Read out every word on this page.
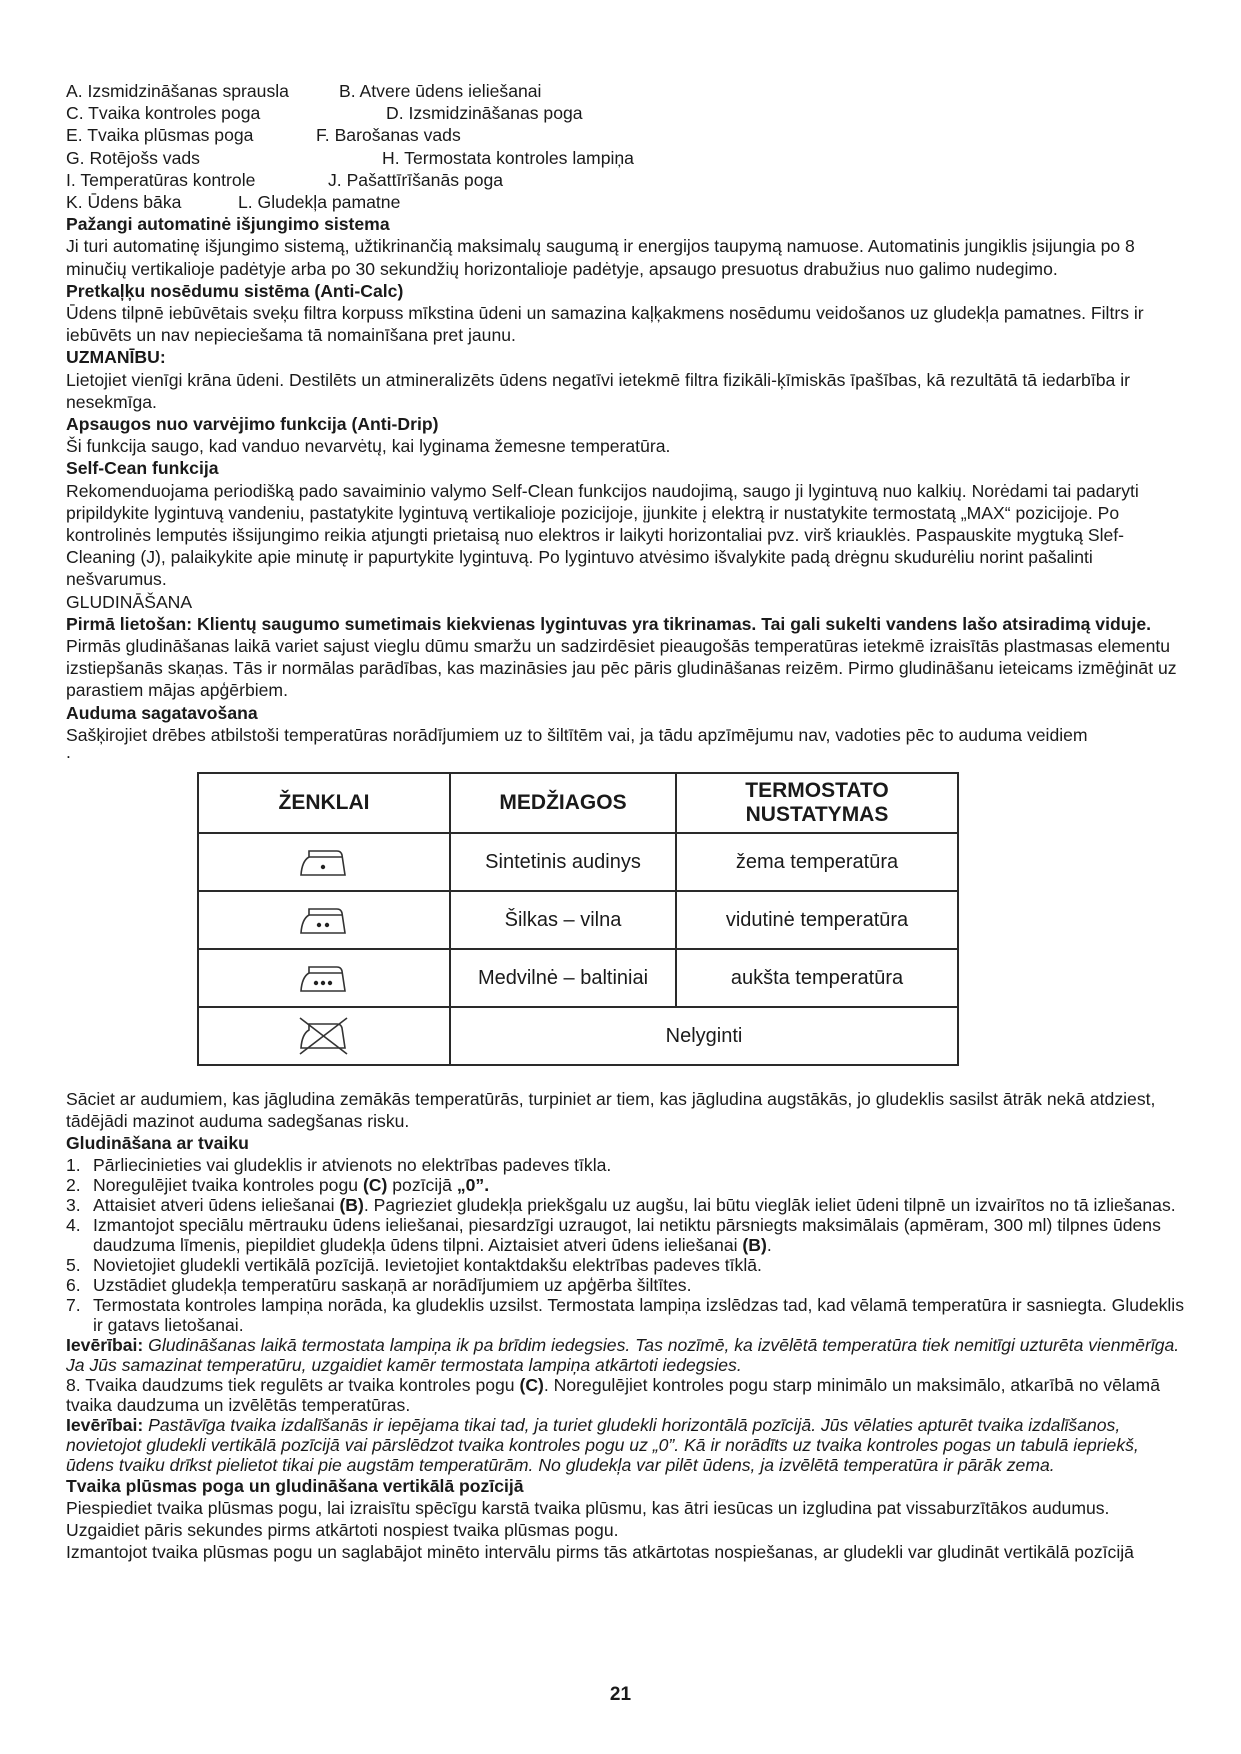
A. Izsmidzināšanas sprausla	B. Atvere ūdens ieliešanai
C. Tvaika kontroles poga	D. Izsmidzināšanas poga
E. Tvaika plūsmas poga	F. Barošanas vads
G. Rotējošs vads	H. Termostata kontroles lampiņa
I. Temperatūras kontrole	J. Pašattīrīšanās poga
K. Ūdens bāka	L. Gludekļa pamatne
Pažangi automatinė išjungimo sistema

Ji turi automatinę išjungimo sistemą, užtikrinančią maksimalų saugumą ir energijos taupymą namuose. Automatinis jungiklis įsijungia po 8 minučių vertikalioje padėtyje arba po 30 sekundžių horizontalioje padėtyje, apsaugo presuotus drabužius nuo galimo nudegimo.

Pretkaļķu nosēdumu sistēma (Anti-Calc)

Ūdens tilpnē iebūvētais sveķu filtra korpuss mīkstina ūdeni un samazina kaļķakmens nosēdumu veidošanos uz gludekļa pamatnes. Filtrs ir iebūvēts un nav nepieciešama tā nomainīšana pret jaunu.

UZMANĪBU:

Lietojiet vienīgi krāna ūdeni. Destilēts un atmineralizēts ūdens negatīvi ietekmē filtra fizikāli-ķīmiskās īpašības, kā rezultātā tā iedarbība ir nesekmīga.

Apsaugos nuo varvėjimo funkcija (Anti-Drip)

Ši funkcija saugo, kad vanduo nevarvėtų, kai lyginama žemesne temperatūra.

Self-Cean funkcija

Rekomenduojama periodišką pado savaiminio valymo Self-Clean funkcijos naudojimą, saugo ji lygintuvą nuo kalkių. Norėdami tai padaryti pripildykite lygintuvą vandeniu, pastatykite lygintuvą vertikalioje pozicijoje, įjunkite į elektrą ir nustatykite termostatą „MAX“ pozicijoje. Po kontrolinės lemputės išsijungimo reikia atjungti prietaisą nuo elektros ir laikyti horizontaliai pvz. virš kriauklės. Paspauskite mygtuką Slef-Cleaning (J), palaikykite apie minutę ir papurtykite lygintuvą. Po lygintuvo atvėsimo išvalykite padą drėgnu skudurėliu norint pašalinti nešvarumus.

GLUDINĀŠANA

Pirmā lietošan: Klientų saugumo sumetimais kiekvienas lygintuvas yra tikrinamas. Tai gali sukelti vandens lašo atsiradimą viduje.

Pirmās gludināšanas laikā variet sajust vieglu dūmu smaržu un sadzirdēsiet pieaugošās temperatūras ietekmē izraisītās plastmasas elementu izstiepšanās skaņas. Tās ir normālas parādības, kas mazināsies jau pēc pāris gludināšanas reizēm. Pirmo gludināšanu ieteicams izmēģināt uz parastiem mājas apģērbiem.

Auduma sagatavošana

Sašķirojiet drēbes atbilstoši temperatūras norādījumiem uz to šiltītēm vai, ja tādu apzīmējumu nav, vadoties pēc to auduma veidiem

.

ŽENKLAI	MEDŽIAGOS	TERMOSTATO NUSTATYMAS

	Sintetinis audinys	žema temperatūra

	Šilkas – vilna	vidutinė temperatūra

	Medvilnė – baltiniai	aukšta temperatūra

	Nelyginti	

Sāciet ar audumiem, kas jāgludina zemākās temperatūrās, turpiniet ar tiem, kas jāgludina augstākās, jo gludeklis sasilst ātrāk nekā atdziest, tādējādi mazinot auduma sadegšanas risku.

Gludināšana ar tvaiku
1. Pārliecinieties vai gludeklis ir atvienots no elektrības padeves tīkla.
2. Noregulējiet tvaika kontroles pogu (C) pozīcijā „0”.
3. Attaisiet atveri ūdens ieliešanai (B). Pagrieziet gludekļa priekšgalu uz augšu, lai būtu vieglāk ieliet ūdeni tilpnē un izvairītos no tā izliešanas.
4. Izmantojot speciālu mērtrauku ūdens ieliešanai, piesardzīgi uzraugot, lai netiktu pārsniegts maksimālais (apmēram, 300 ml) tilpnes ūdens daudzuma līmenis, piepildiet gludekļa ūdens tilpni. Aiztaisiet atveri ūdens ieliešanai (B).
5. Novietojiet gludekli vertikālā pozīcijā. Ievietojiet kontaktdakšu elektrības padeves tīklā.
6. Uzstādiet gludekļa temperatūru saskaņā ar norādījumiem uz apģērba šiltītes.
7. Termostata kontroles lampiņa norāda, ka gludeklis uzsilst. Termostata lampiņa izslēdzas tad, kad vēlamā temperatūra ir sasniegta. Gludeklis ir gatavs lietošanai.
Ievērībai: Gludināšanas laikā termostata lampiņa ik pa brīdim iedegsies. Tas nozīmē, ka izvēlētā temperatūra tiek nemitīgi uzturēta vienmērīga. Ja Jūs samazinat temperatūru, uzgaidiet kamēr termostata lampiņa atkārtoti iedegsies.
8. Tvaika daudzums tiek regulēts ar tvaika kontroles pogu (C). Noregulējiet kontroles pogu starp minimālo un maksimālo, atkarībā no vēlamā tvaika daudzuma un izvēlētās temperatūras.
Ievērībai: Pastāvīga tvaika izdalīšanās ir iepējama tikai tad, ja turiet gludekli horizontālā pozīcijā. Jūs vēlaties apturēt tvaika izdalīšanos, novietojot gludekli vertikālā pozīcijā vai pārslēdzot tvaika kontroles pogu uz „0”. Kā ir norādīts uz tvaika kontroles pogas un tabulā iepriekš, ūdens tvaiku drīkst pielietot tikai pie augstām temperatūrām. No gludekļa var pilēt ūdens, ja izvēlētā temperatūra ir pārāk zema.
Tvaika plūsmas poga un gludināšana vertikālā pozīcijā

Piespiediet tvaika plūsmas pogu, lai izraisītu spēcīgu karstā tvaika plūsmu, kas ātri iesūcas un izgludina pat vissaburzītākos audumus. Uzgaidiet pāris sekundes pirms atkārtoti nospiest tvaika plūsmas pogu.

Izmantojot tvaika plūsmas pogu un saglabājot minēto intervālu pirms tās atkārtotas nospiešanas, ar gludekli var gludināt vertikālā pozīcijā

21
